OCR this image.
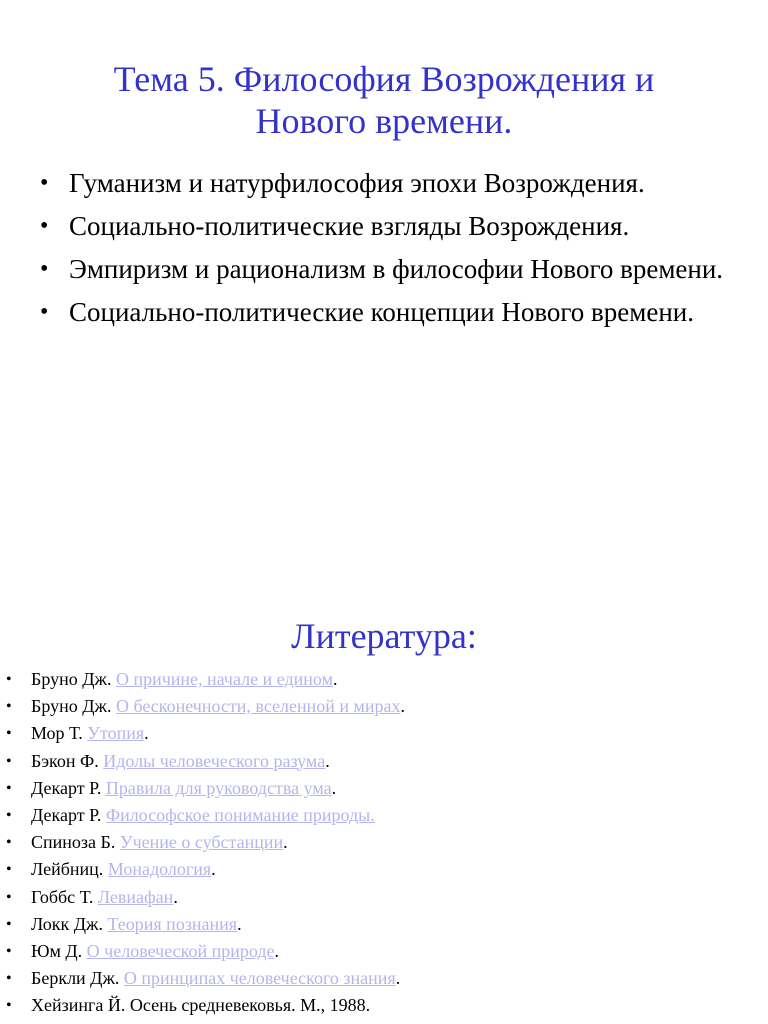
Тема 5. Философия Возрождения и Нового времени.
• Гуманизм и натурфилософия эпохи Возрождения.
• Социально-политические взгляды Возрождения.
• Эмпиризм и рационализм в философии Нового времени.
• Социально-политические концепции Нового времени.
Литература:
• Бруно Дж. О причине, начале и едином.
• Бруно Дж. О бесконечности, вселенной и мирах.
• Мор Т. Утопия.
• Бэкон Ф. Идолы человеческого разума.
• Декарт Р. Правила для руководства ума.
• Декарт Р. Философское понимание природы.
• Спиноза Б. Учение о субстанции.
• Лейбниц. Монадология.
• Гоббс Т. Левиафан.
• Локк Дж. Теория познания.
• Юм Д. О человеческой природе.
• Беркли Дж. О принципах человеческого знания.
• Хейзинга Й. Осень средневековья. М., 1988.
